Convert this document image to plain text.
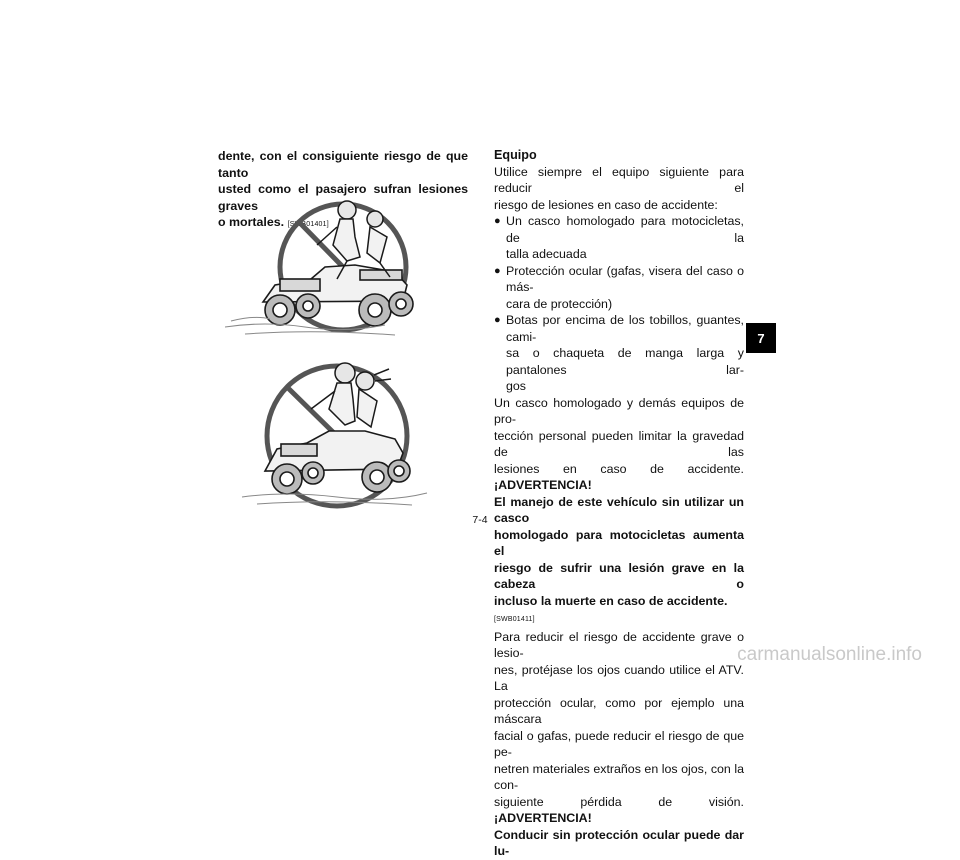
dente, con el consiguiente riesgo de que tanto
usted como el pasajero sufran lesiones graves
o mortales. [SWB01401]
Equipo
Utilice siempre el equipo siguiente para reducir el
riesgo de lesiones en caso de accidente:
● Un casco homologado para motocicletas, de la
talla adecuada
● Protección ocular (gafas, visera del caso o más-
cara de protección)
● Botas por encima de los tobillos, guantes, cami-
sa o chaqueta de manga larga y pantalones lar-
gos
Un casco homologado y demás equipos de pro-
tección personal pueden limitar la gravedad de las
lesiones en caso de accidente. ¡ADVERTENCIA!
El manejo de este vehículo sin utilizar un casco
homologado para motocicletas aumenta el
riesgo de sufrir una lesión grave en la cabeza o
incluso la muerte en caso de accidente. [SWB01411]
Para reducir el riesgo de accidente grave o lesio-
nes, protéjase los ojos cuando utilice el ATV. La
protección ocular, como por ejemplo una máscara
facial o gafas, puede reducir el riesgo de que pe-
netren materiales extraños en los ojos, con la con-
siguiente pérdida de visión. ¡ADVERTENCIA!
Conducir sin protección ocular puede dar lu-
7
7-4
carmanualsonline.info
